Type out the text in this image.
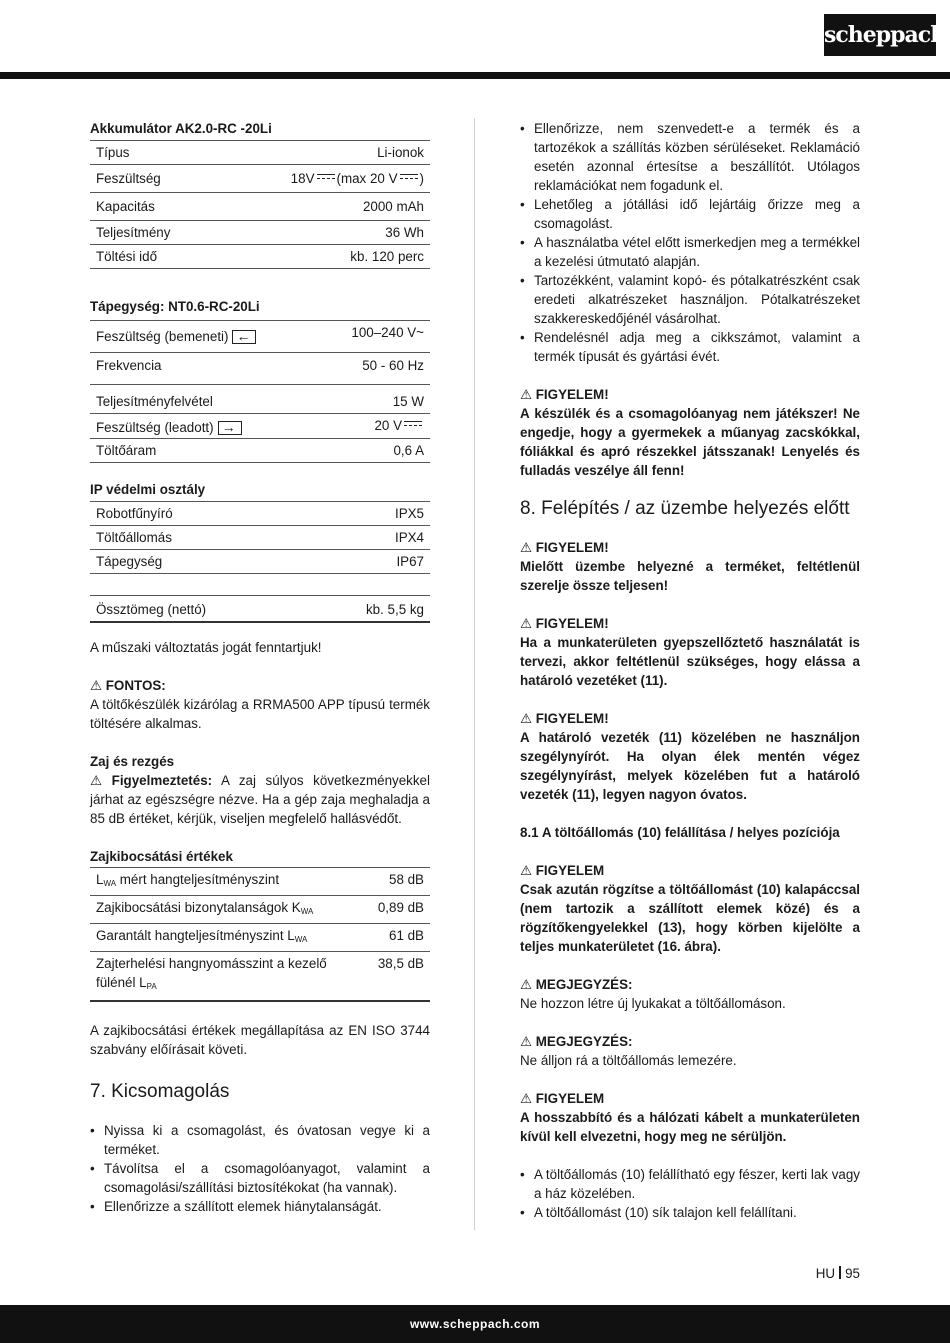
scheppach
Akkumulátor AK2.0-RC -20Li
Típus	Li-ionok
Feszültség	18V (max 20 V )
Kapacitás	2000 mAh
Teljesítmény	36 Wh
Töltési idő	kb. 120 perc
Tápegység: NT0.6-RC-20Li
Feszültség (bemeneti)←	100–240 V~
Frekvencia	50 - 60 Hz
Teljesítményfelvétel	15 W
Feszültség (leadott)→	20 V
Töltőáram	0,6 A
IP védelmi osztály
Robotfűnyíró	IPX5
Töltőállomás	IPX4
Tápegység	IP67

Össztömeg (nettó)	kb. 5,5 kg

A műszaki változtatás jogát fenntartjuk!

⚠ FONTOS:

A töltőkészülék kizárólag a RRMA500 APP típusú termék töltésére alkalmas.

Zaj és rezgés

⚠ Figyelmeztetés: A zaj súlyos következményekkel járhat az egészségre nézve. Ha a gép zaja meghaladja a 85 dB értéket, kérjük, viseljen megfelelő hallásvédőt.

Zajkibocsátási értékek
$L_{WA}$ mért hangteljesítményszint	58 dB
Zajkibocsátási bizonytalanságok $K_{WA}$	0,89 dB
Garantált hangteljesítményszint $L_{WA}$	61 dB
Zajterhelési hangnyomásszint a kezelő fülénél $L_{PA}$	38,5 dB

A zajkibocsátási értékek megállapítása az EN ISO 3744 szabvány előírásait követi.

7. Kicsomagolás
• Nyissa ki a csomagolást, és óvatosan vegye ki a terméket.
• Távolítsa el a csomagolóanyagot, valamint a csomagolási/szállítási biztosítékokat (ha vannak).
• Ellenőrizze a szállított elemek hiánytalanságát.
• Ellenőrizze, nem szenvedett-e a termék és a tartozékok a szállítás közben sérüléseket. Reklamáció esetén azonnal értesítse a beszállítót. Utólagos reklamációkat nem fogadunk el.
• Lehetőleg a jótállási idő lejártáig őrizze meg a csomagolást.
• A használatba vétel előtt ismerkedjen meg a termékkel a kezelési útmutató alapján.
• Tartozékként, valamint kopó- és pótalkatrészként csak eredeti alkatrészeket használjon. Pótalkatrészeket szakkereskedőjénél vásárolhat.
• Rendelésnél adja meg a cikkszámot, valamint a termék típusát és gyártási évét.
⚠ FIGYELEM!

A készülék és a csomagolóanyag nem játékszer! Ne engedje, hogy a gyermekek a műanyag zacskókkal, fóliákkal és apró részekkel játsszanak! Lenyelés és fulladás veszélye áll fenn!

8. Felépítés / az üzembe helyezés előtt
⚠ FIGYELEM!

Mielőtt üzembe helyezné a terméket, feltétlenül szerelje össze teljesen!

⚠ FIGYELEM!

Ha a munkaterületen gyepszellőztető használatát is tervezi, akkor feltétlenül szükséges, hogy elássa a határoló vezetéket (11).

⚠ FIGYELEM!

A határoló vezeték (11) közelében ne használjon szegélynyírót. Ha olyan élek mentén végez szegélynyírást, melyek közelében fut a határoló vezeték (11), legyen nagyon óvatos.

8.1 A töltőállomás (10) felállítása / helyes pozíciója
⚠ FIGYELEM

Csak azután rögzítse a töltőállomást (10) kalapáccsal (nem tartozik a szállított elemek közé) és a rögzítőkengyelekkel (13), hogy körben kijelölte a teljes munkaterületet (16. ábra).

⚠ MEGJEGYZÉS:

Ne hozzon létre új lyukakat a töltőállomáson.

⚠ MEGJEGYZÉS:

Ne álljon rá a töltőállomás lemezére.

⚠ FIGYELEM

A hosszabbító és a hálózati kábelt a munkaterületen kívül kell elvezetni, hogy meg ne sérüljön.

• A töltőállomás (10) felállítható egy fészer, kerti lak vagy a ház közelében.
• A töltőállomást (10) sík talajon kell felállítani.
HU 95
www.scheppach.com
